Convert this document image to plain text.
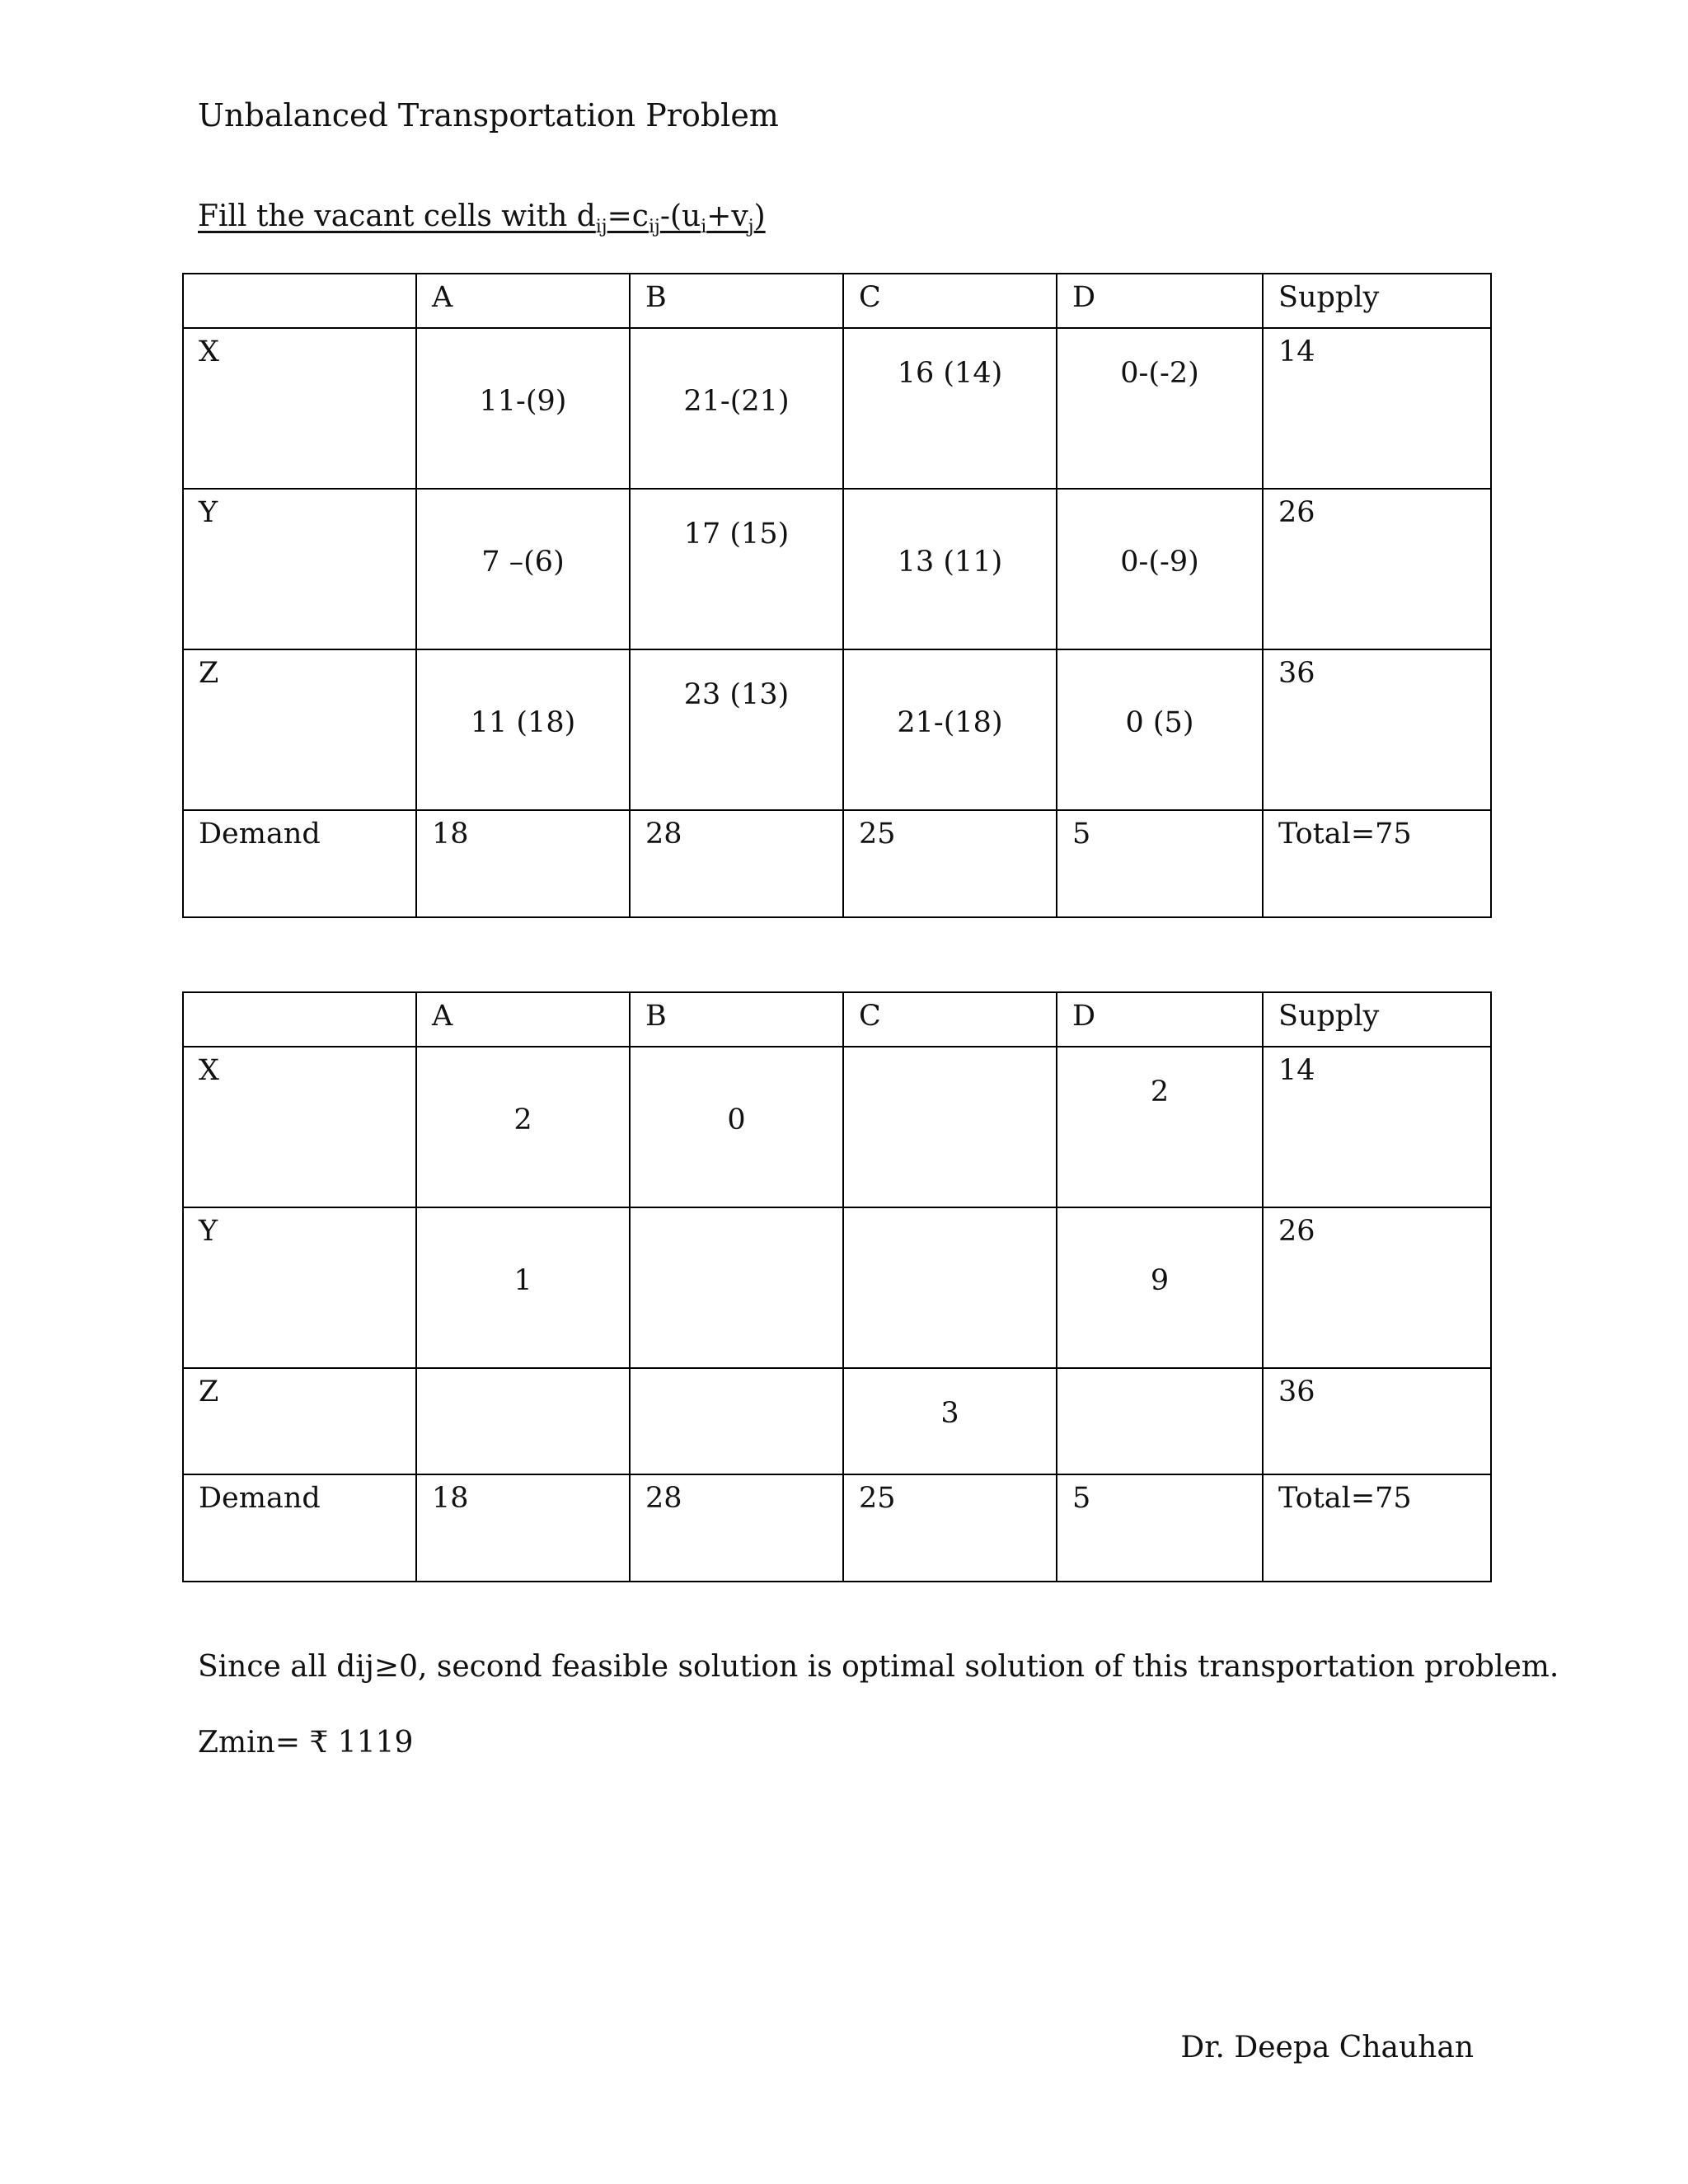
Unbalanced Transportation Problem
Fill the vacant cells with $d_{ij}=c_{ij}-(u_i+v_j)$

	A	B	C	D	Supply

X	11-(9)	21-(21)	16 (14)	0-(-2)	14

Y	7 –(6)	17 (15)	13 (11)	0-(-9)	26

Z	11 (18)	23 (13)	21-(18)	0 (5)	36

Demand	18	28	25	5	Total=75

	A	B	C	D	Supply

X	2	0		2	14

Y	1			9	26

Z			3		36

Demand	18	28	25	5	Total=75
Since all dij≥0, second feasible solution is optimal solution of this transportation problem.
Zmin= ₹ 1119
Dr. Deepa Chauhan
